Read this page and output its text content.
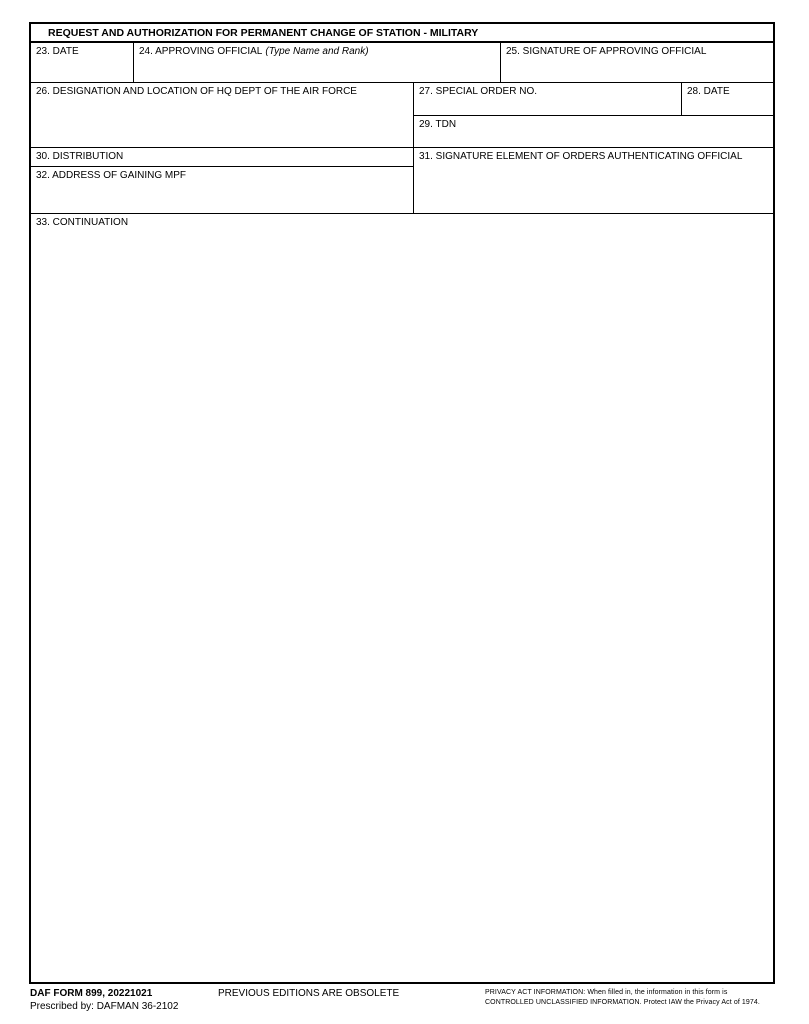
REQUEST AND AUTHORIZATION FOR PERMANENT CHANGE OF STATION - MILITARY
23. DATE	24. APPROVING OFFICIAL (Type Name and Rank)	25. SIGNATURE OF APPROVING OFFICIAL
26. DESIGNATION AND LOCATION OF HQ DEPT OF THE AIR FORCE	27. SPECIAL ORDER NO.	28. DATE
29. TDN
30. DISTRIBUTION
32. ADDRESS OF GAINING MPF
31. SIGNATURE ELEMENT OF ORDERS AUTHENTICATING OFFICIAL
33. CONTINUATION
DAF FORM 899, 20221021
Prescribed by: DAFMAN 36-2102
PREVIOUS EDITIONS ARE OBSOLETE	PRIVACY ACT INFORMATION: When filled in, the information in this form is
CONTROLLED UNCLASSIFIED INFORMATION. Protect IAW the Privacy Act of 1974.
